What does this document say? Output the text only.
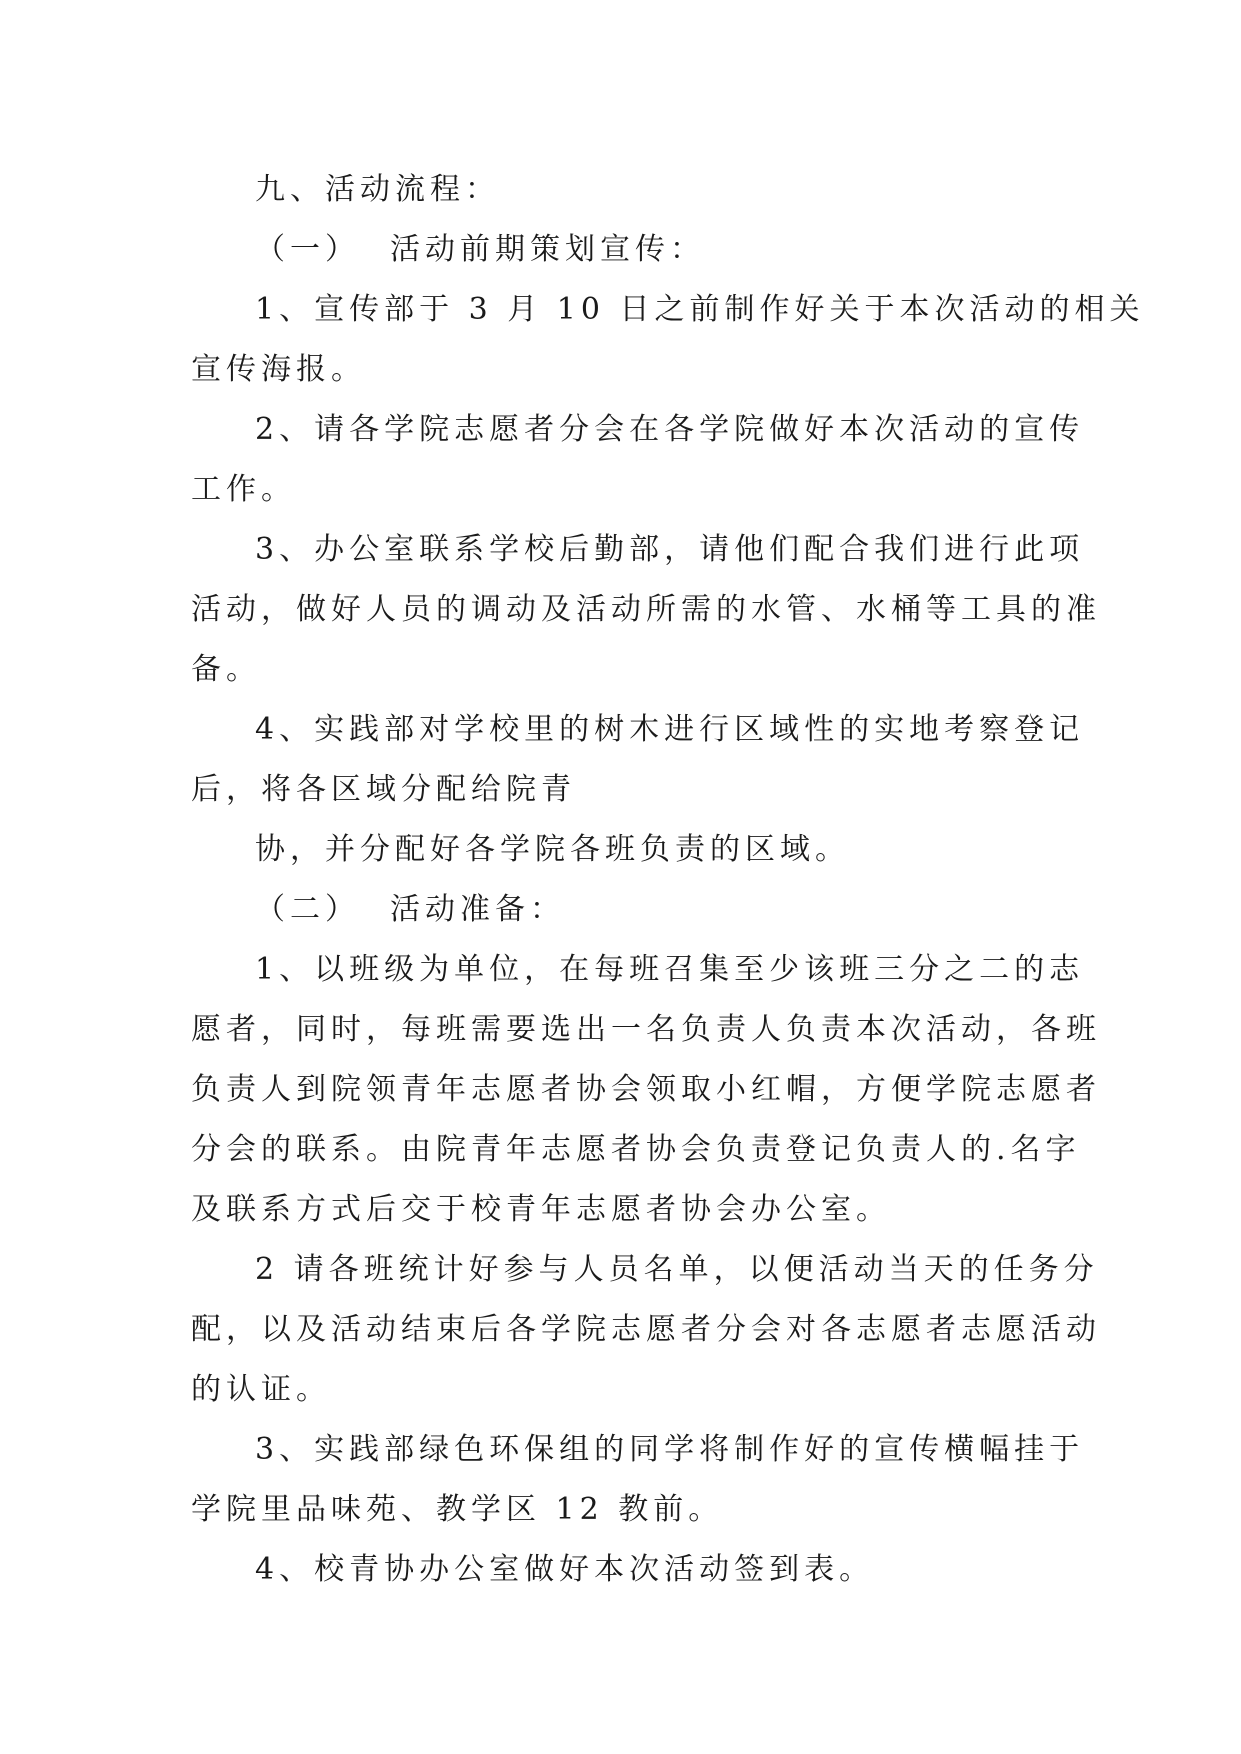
九、活动流程：
（一） 活动前期策划宣传：
1、宣传部于 3 月 10 日之前制作好关于本次活动的相关
宣传海报。
2、请各学院志愿者分会在各学院做好本次活动的宣传
工作。
3、办公室联系学校后勤部，请他们配合我们进行此项
活动，做好人员的调动及活动所需的水管、水桶等工具的准
备。
4、实践部对学校里的树木进行区域性的实地考察登记
后，将各区域分配给院青
协，并分配好各学院各班负责的区域。
（二） 活动准备：
1、以班级为单位，在每班召集至少该班三分之二的志
愿者，同时，每班需要选出一名负责人负责本次活动，各班
负责人到院领青年志愿者协会领取小红帽，方便学院志愿者
分会的联系。由院青年志愿者协会负责登记负责人的.名字
及联系方式后交于校青年志愿者协会办公室。
2 请各班统计好参与人员名单，以便活动当天的任务分
配，以及活动结束后各学院志愿者分会对各志愿者志愿活动
的认证。
3、实践部绿色环保组的同学将制作好的宣传横幅挂于
学院里品味苑、教学区 12 教前。
4、校青协办公室做好本次活动签到表。
